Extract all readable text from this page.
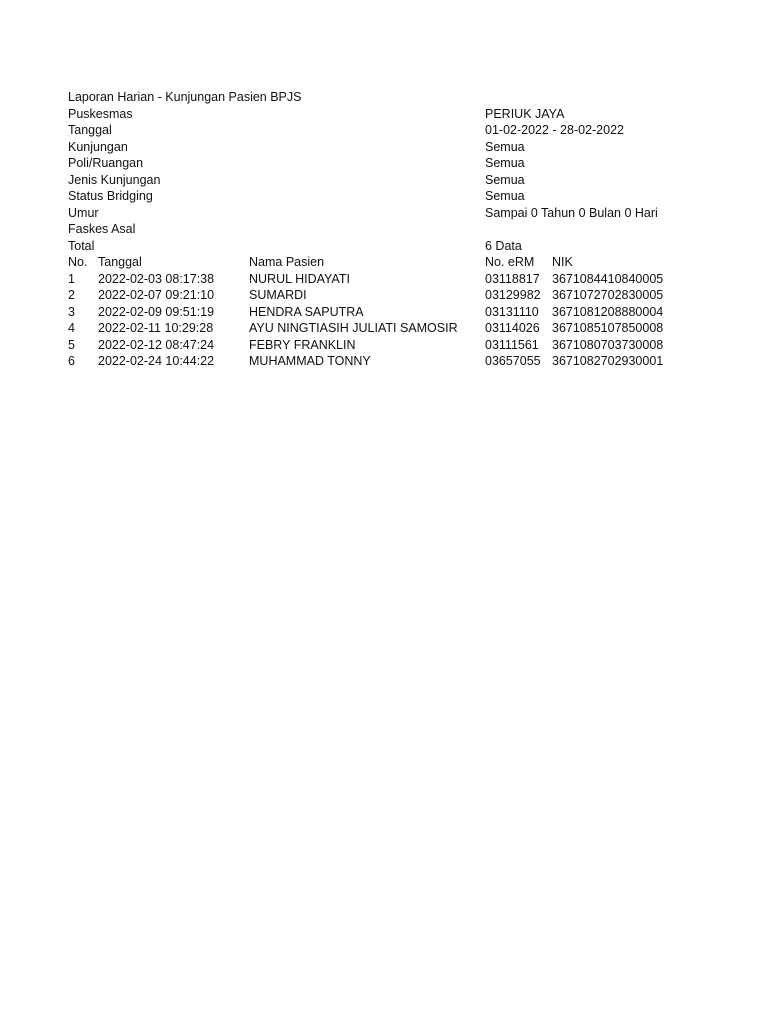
Laporan Harian - Kunjungan Pasien BPJS
Puskesmas	PERIUK JAYA
Tanggal	01-02-2022 - 28-02-2022
Kunjungan	Semua
Poli/Ruangan	Semua
Jenis Kunjungan	Semua
Status Bridging	Semua
Umur	Sampai 0 Tahun 0 Bulan 0 Hari
Faskes Asal
Total	6 Data
No. Tanggal	Nama Pasien	No. eRM NIK
1 2022-02-03 08:17:38	NURUL HIDAYATI	03118817 3671084410840005
2 2022-02-07 09:21:10	SUMARDI	03129982 3671072702830005
3 2022-02-09 09:51:19	HENDRA SAPUTRA	03131110 3671081208880004
4 2022-02-11 10:29:28	AYU NINGTIASIH JULIATI SAMOSIR 03114026 3671085107850008
5 2022-02-12 08:47:24	FEBRY FRANKLIN	03111561 3671080703730008
6 2022-02-24 10:44:22	MUHAMMAD TONNY	03657055 3671082702930001
